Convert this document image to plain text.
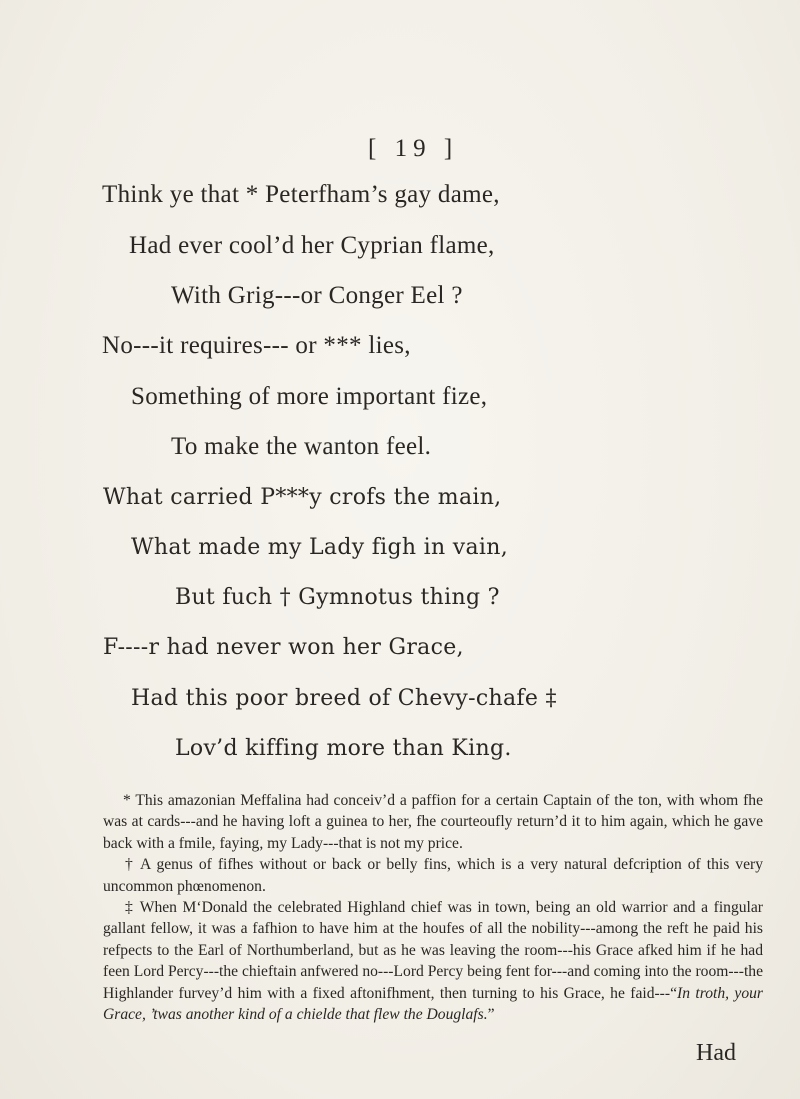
[ 19 ]
Think ye that * Peterfham’s gay dame,
Had ever cool’d her Cyprian flame,
With Grig---or Conger Eel ?
No---it requires--- or *** lies,
Something of more important fize,
To make the wanton feel.
What carried P***y crofs the main,
What made my Lady figh in vain,
But fuch † Gymnotus thing ?
F----r had never won her Grace,
Had this poor breed of Chevy-chafe ‡
Lov’d kiffing more than King.

* This amazonian Meffalina had conceiv’d a paffion for a certain Captain of the ton, with whom fhe was at cards---and he having loft a guinea to her, fhe courteoufly return’d it to him again, which he gave back with a fmile, faying, my Lady---that is not my price.

† A genus of fifhes without or back or belly fins, which is a very natural defcription of this very uncommon phœnomenon.

‡ When M‘Donald the celebrated Highland chief was in town, being an old warrior and a fingular gallant fellow, it was a fafhion to have him at the houfes of all the nobility---among the reft he paid his refpects to the Earl of Northumberland, but as he was leaving the room---his Grace afked him if he had feen Lord Percy---the chieftain anfwered no---Lord Percy being fent for---and coming into the room---the Highlander furvey’d him with a fixed aftonifhment, then turning to his Grace, he faid---“In troth, your Grace, ’twas another kind of a chielde that flew the Douglafs.”

Had
